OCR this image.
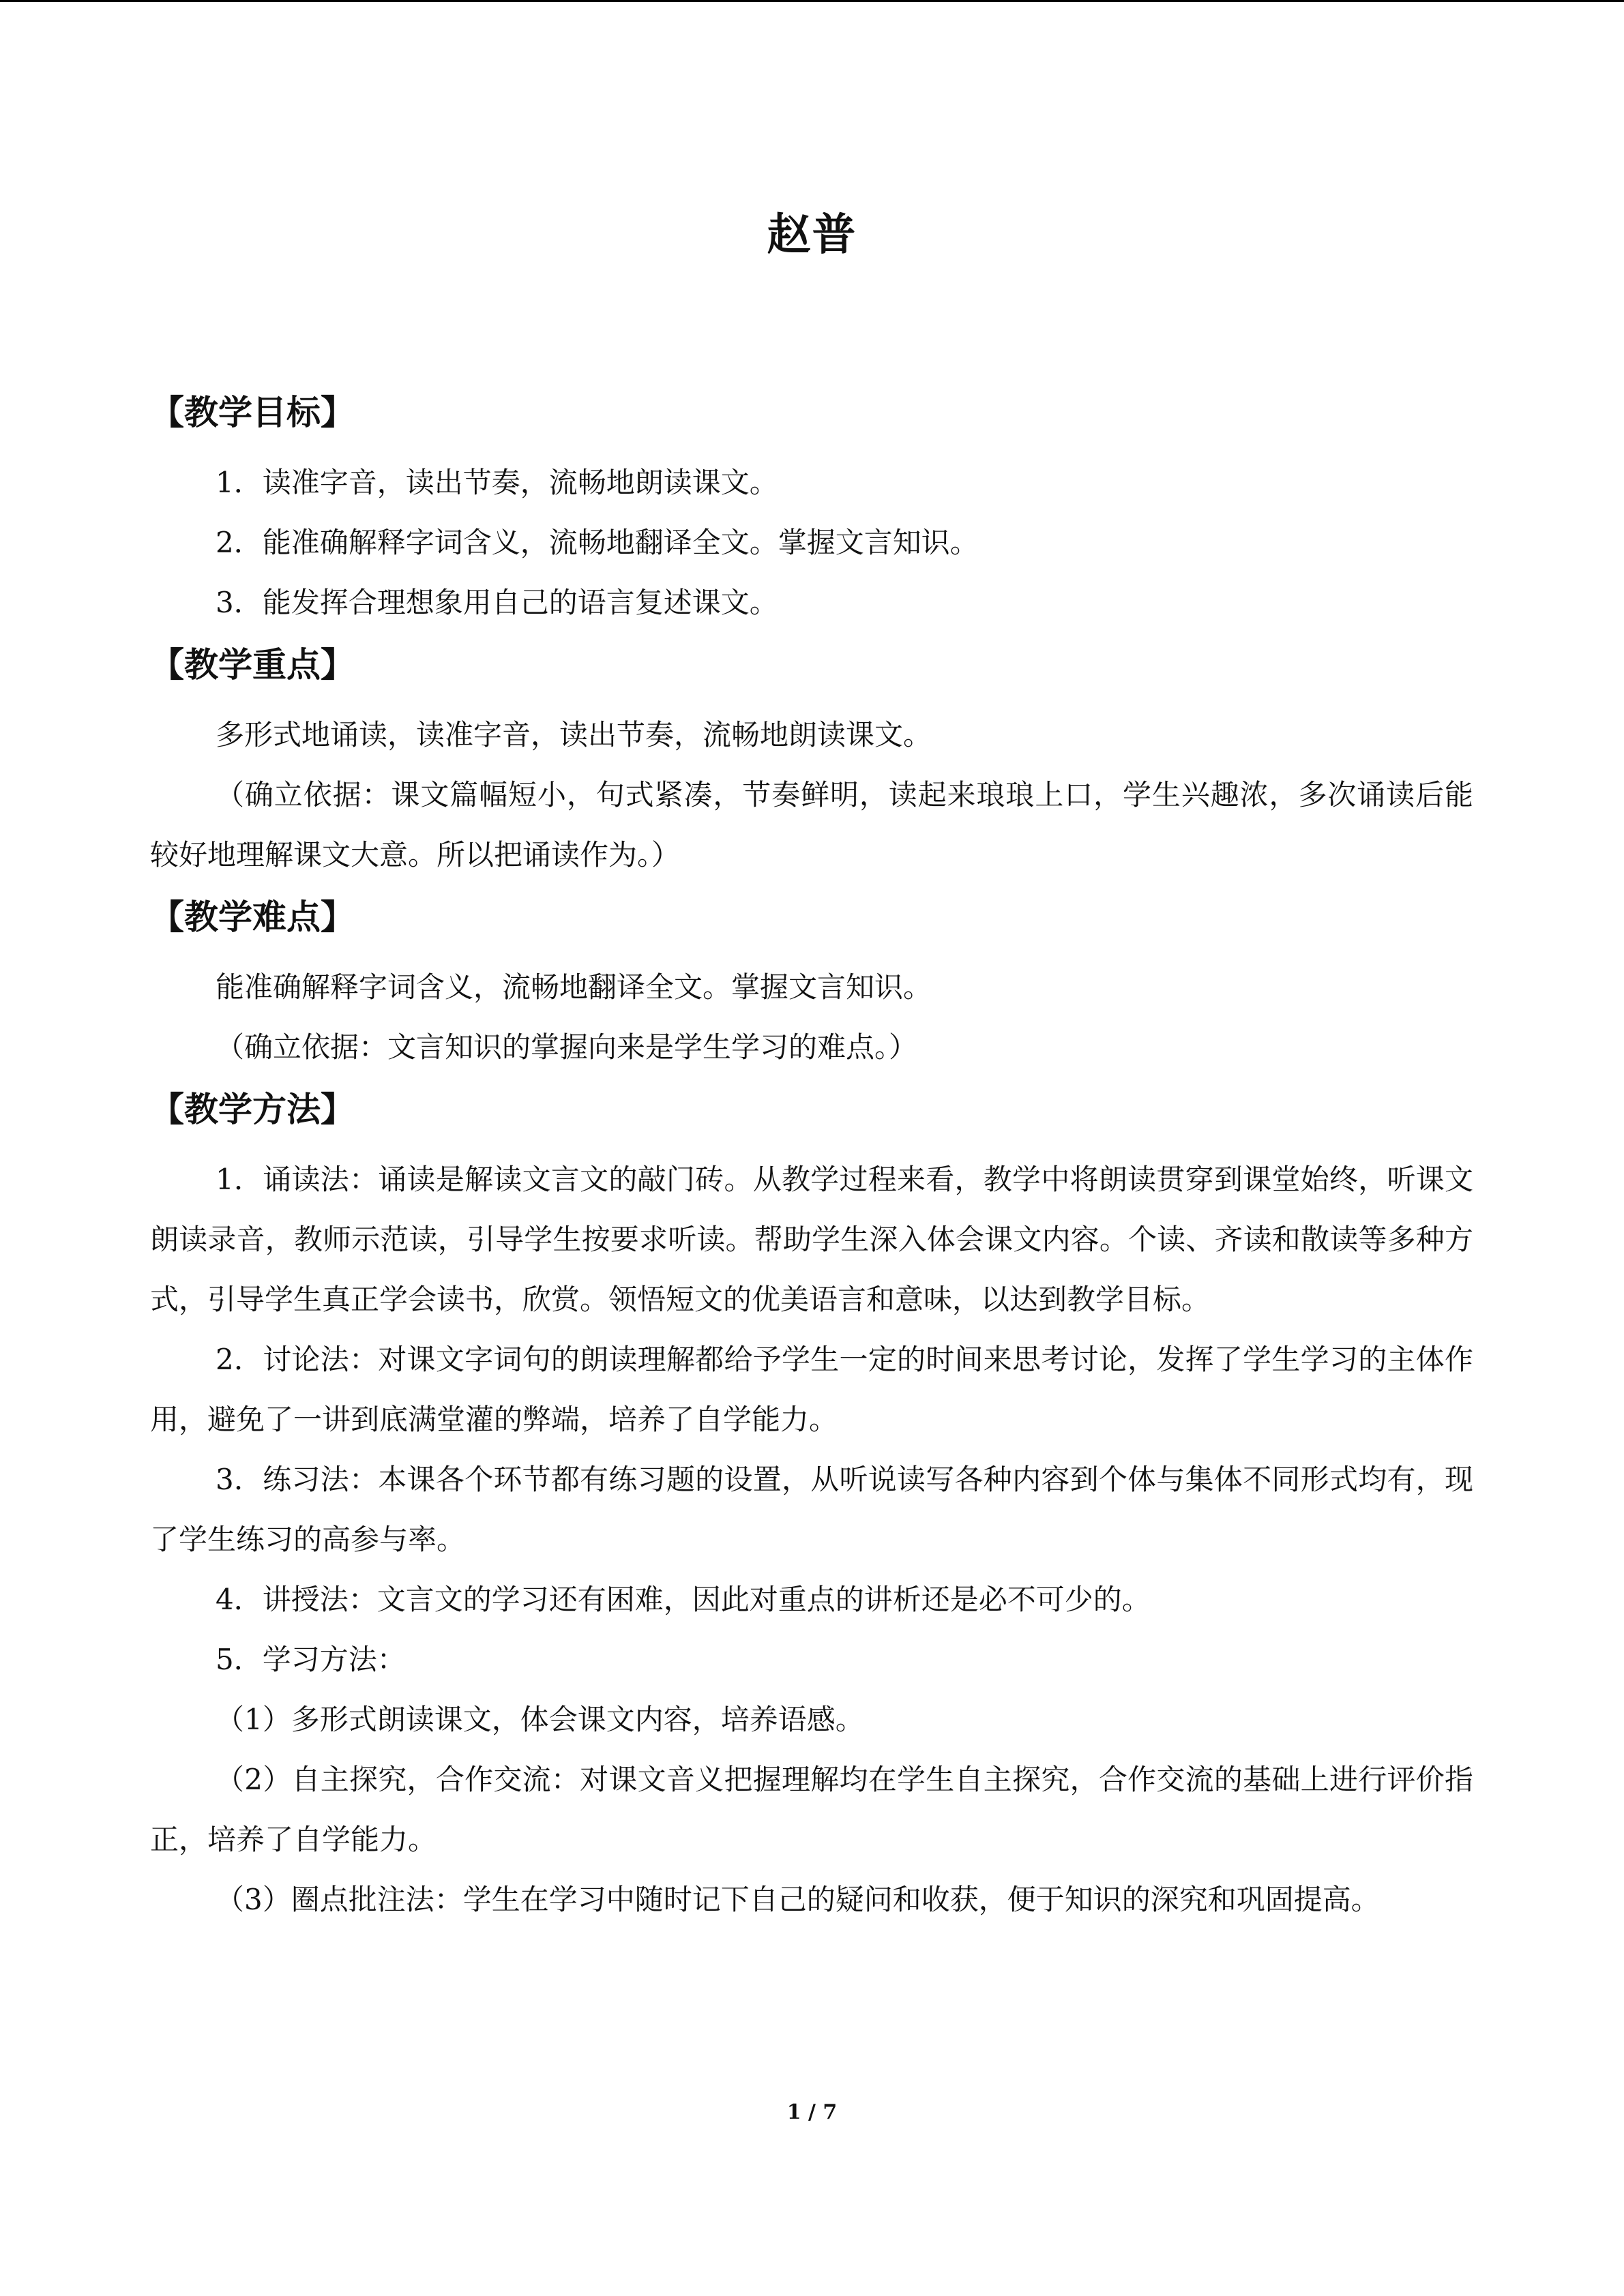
赵普
【教学目标】

1．读准字音，读出节奏，流畅地朗读课文。

2．能准确解释字词含义，流畅地翻译全文。掌握文言知识。

3．能发挥合理想象用自己的语言复述课文。

【教学重点】

多形式地诵读，读准字音，读出节奏，流畅地朗读课文。

（确立依据：课文篇幅短小，句式紧凑，节奏鲜明，读起来琅琅上口，学生兴趣浓，多次诵读后能较好地理解课文大意。所以把诵读作为。）

【教学难点】

能准确解释字词含义，流畅地翻译全文。掌握文言知识。

（确立依据：文言知识的掌握向来是学生学习的难点。）

【教学方法】

1．诵读法：诵读是解读文言文的敲门砖。从教学过程来看，教学中将朗读贯穿到课堂始终，听课文朗读录音，教师示范读，引导学生按要求听读。帮助学生深入体会课文内容。个读、齐读和散读等多种方式，引导学生真正学会读书，欣赏。领悟短文的优美语言和意味，以达到教学目标。

2．讨论法：对课文字词句的朗读理解都给予学生一定的时间来思考讨论，发挥了学生学习的主体作用，避免了一讲到底满堂灌的弊端，培养了自学能力。

3．练习法：本课各个环节都有练习题的设置，从听说读写各种内容到个体与集体不同形式均有，现了学生练习的高参与率。

4．讲授法：文言文的学习还有困难，因此对重点的讲析还是必不可少的。

5．学习方法：

（1）多形式朗读课文，体会课文内容，培养语感。

（2）自主探究，合作交流：对课文音义把握理解均在学生自主探究，合作交流的基础上进行评价指正，培养了自学能力。

（3）圈点批注法：学生在学习中随时记下自己的疑问和收获，便于知识的深究和巩固提高。

1 / 7
